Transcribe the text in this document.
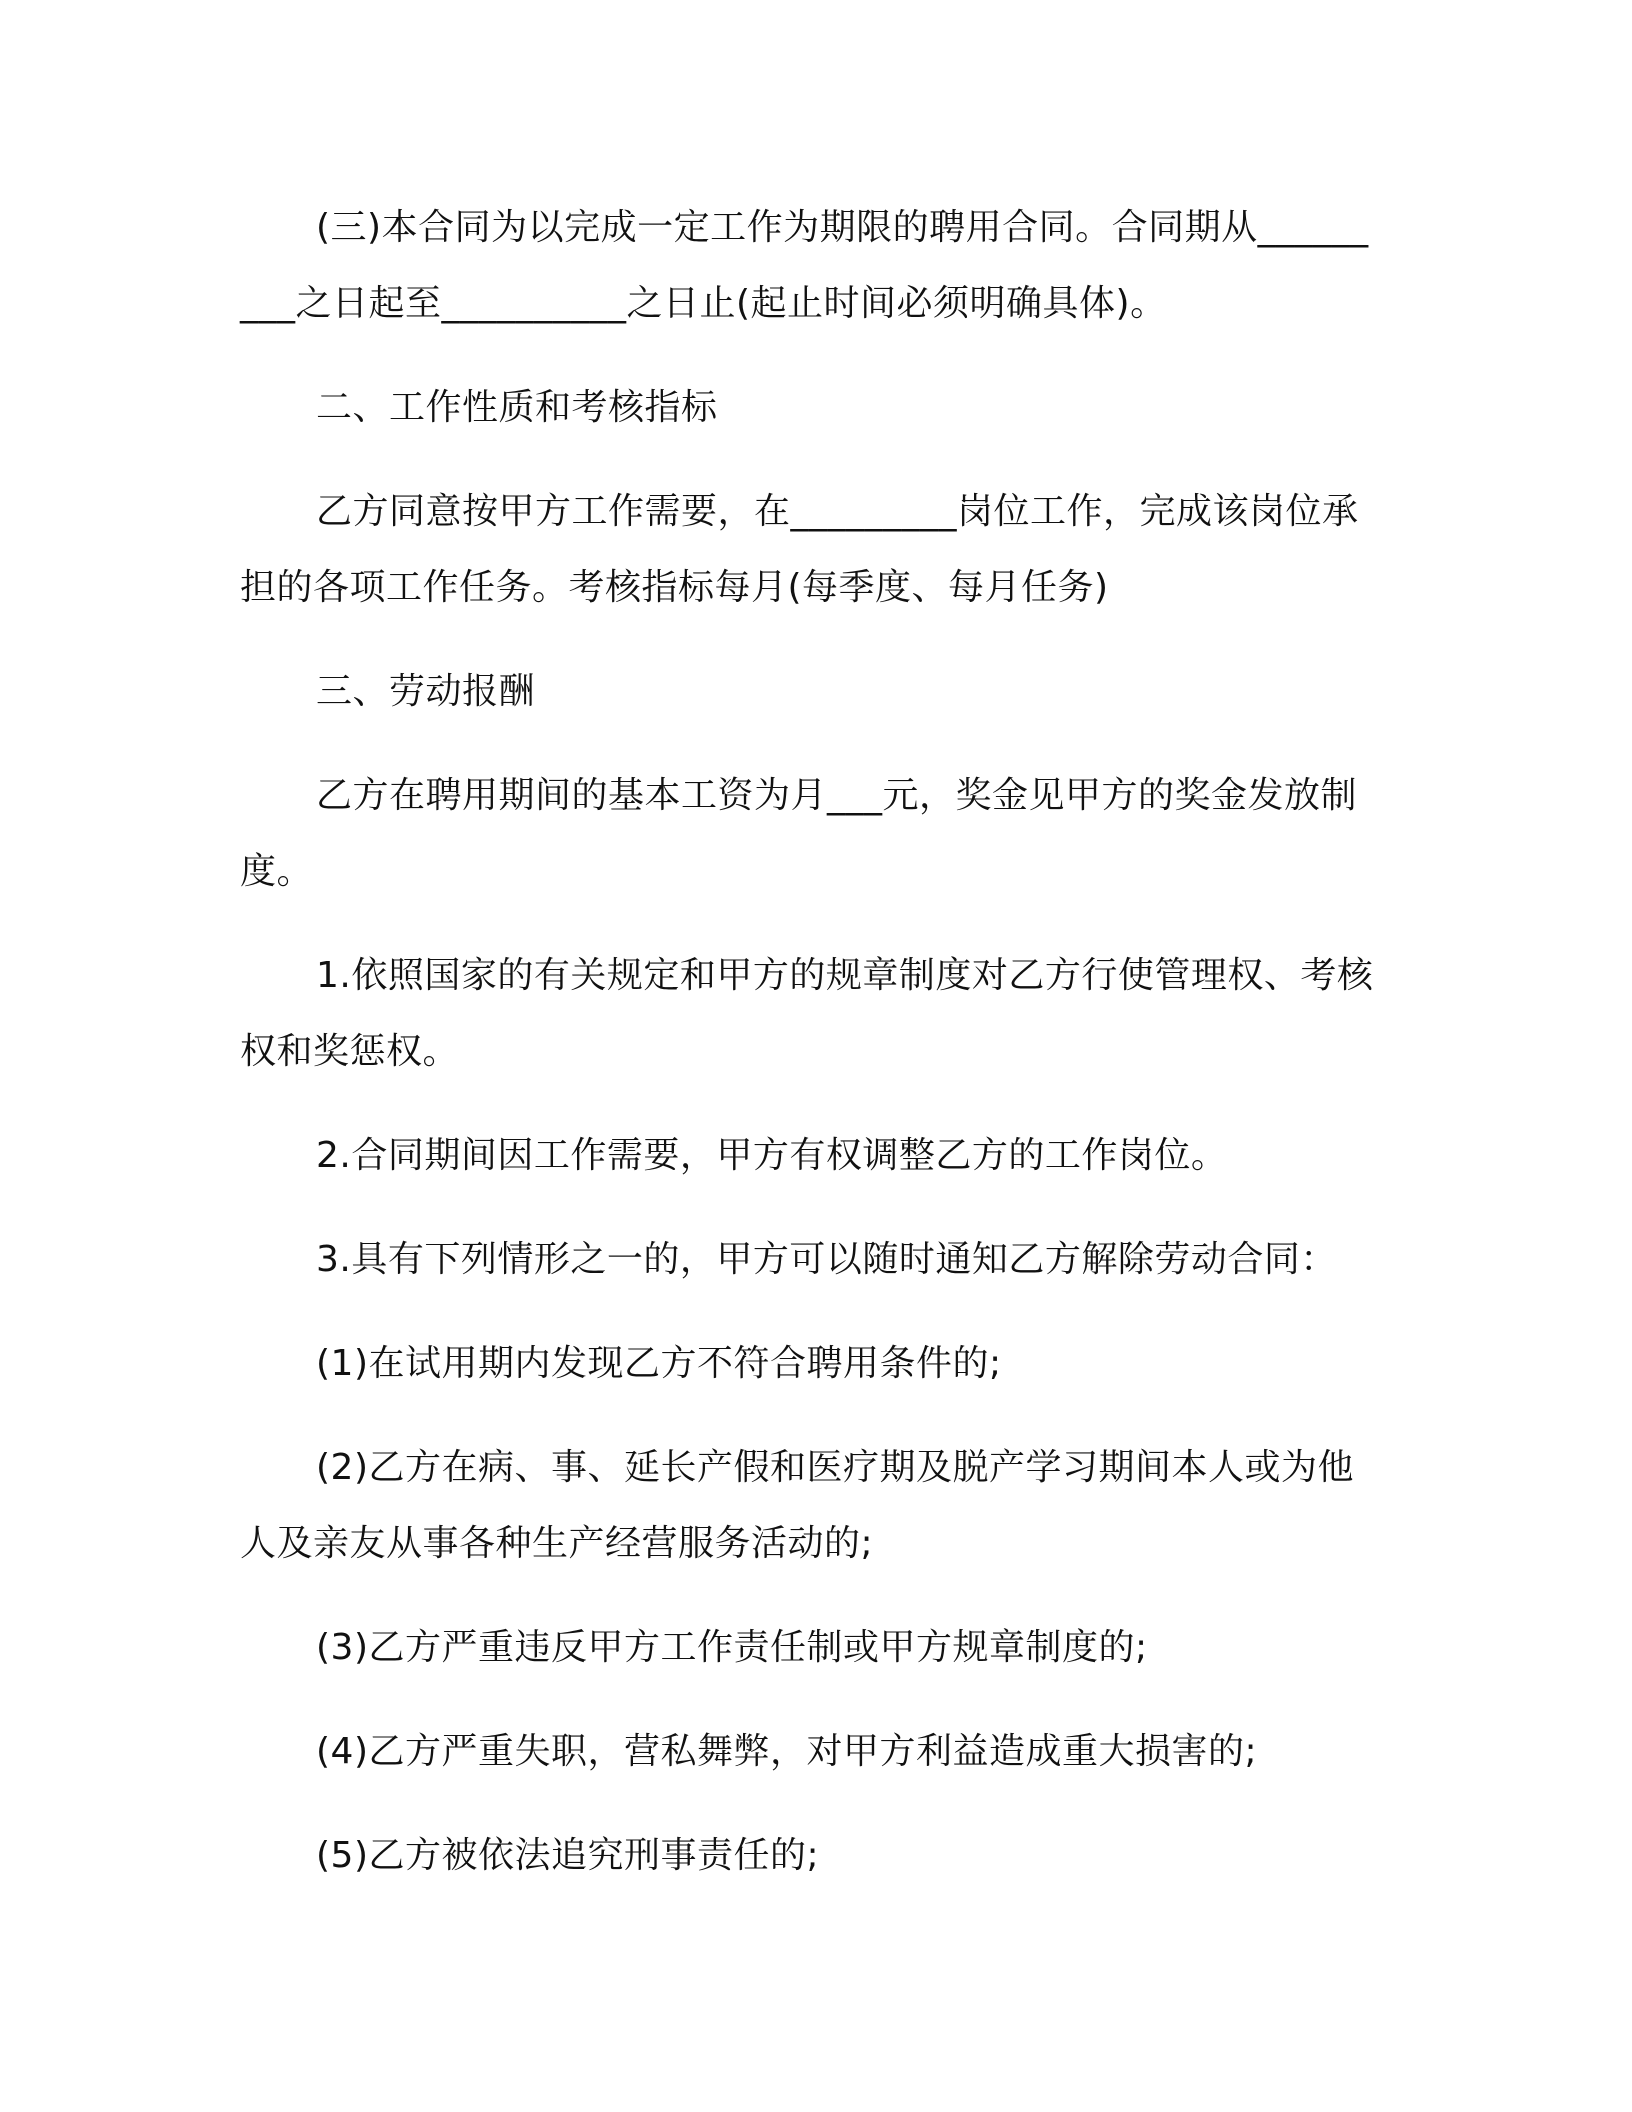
(三)本合同为以完成一定工作为期限的聘用合同。合同期从_________之日起至__________之日止(起止时间必须明确具体)。

二、工作性质和考核指标

乙方同意按甲方工作需要，在_________岗位工作，完成该岗位承担的各项工作任务。考核指标每月(每季度、每月任务)

三、劳动报酬

乙方在聘用期间的基本工资为月___元，奖金见甲方的奖金发放制度。

1.依照国家的有关规定和甲方的规章制度对乙方行使管理权、考核权和奖惩权。

2.合同期间因工作需要，甲方有权调整乙方的工作岗位。

3.具有下列情形之一的，甲方可以随时通知乙方解除劳动合同：

(1)在试用期内发现乙方不符合聘用条件的;

(2)乙方在病、事、延长产假和医疗期及脱产学习期间本人或为他人及亲友从事各种生产经营服务活动的;

(3)乙方严重违反甲方工作责任制或甲方规章制度的;

(4)乙方严重失职，营私舞弊，对甲方利益造成重大损害的;

(5)乙方被依法追究刑事责任的;
